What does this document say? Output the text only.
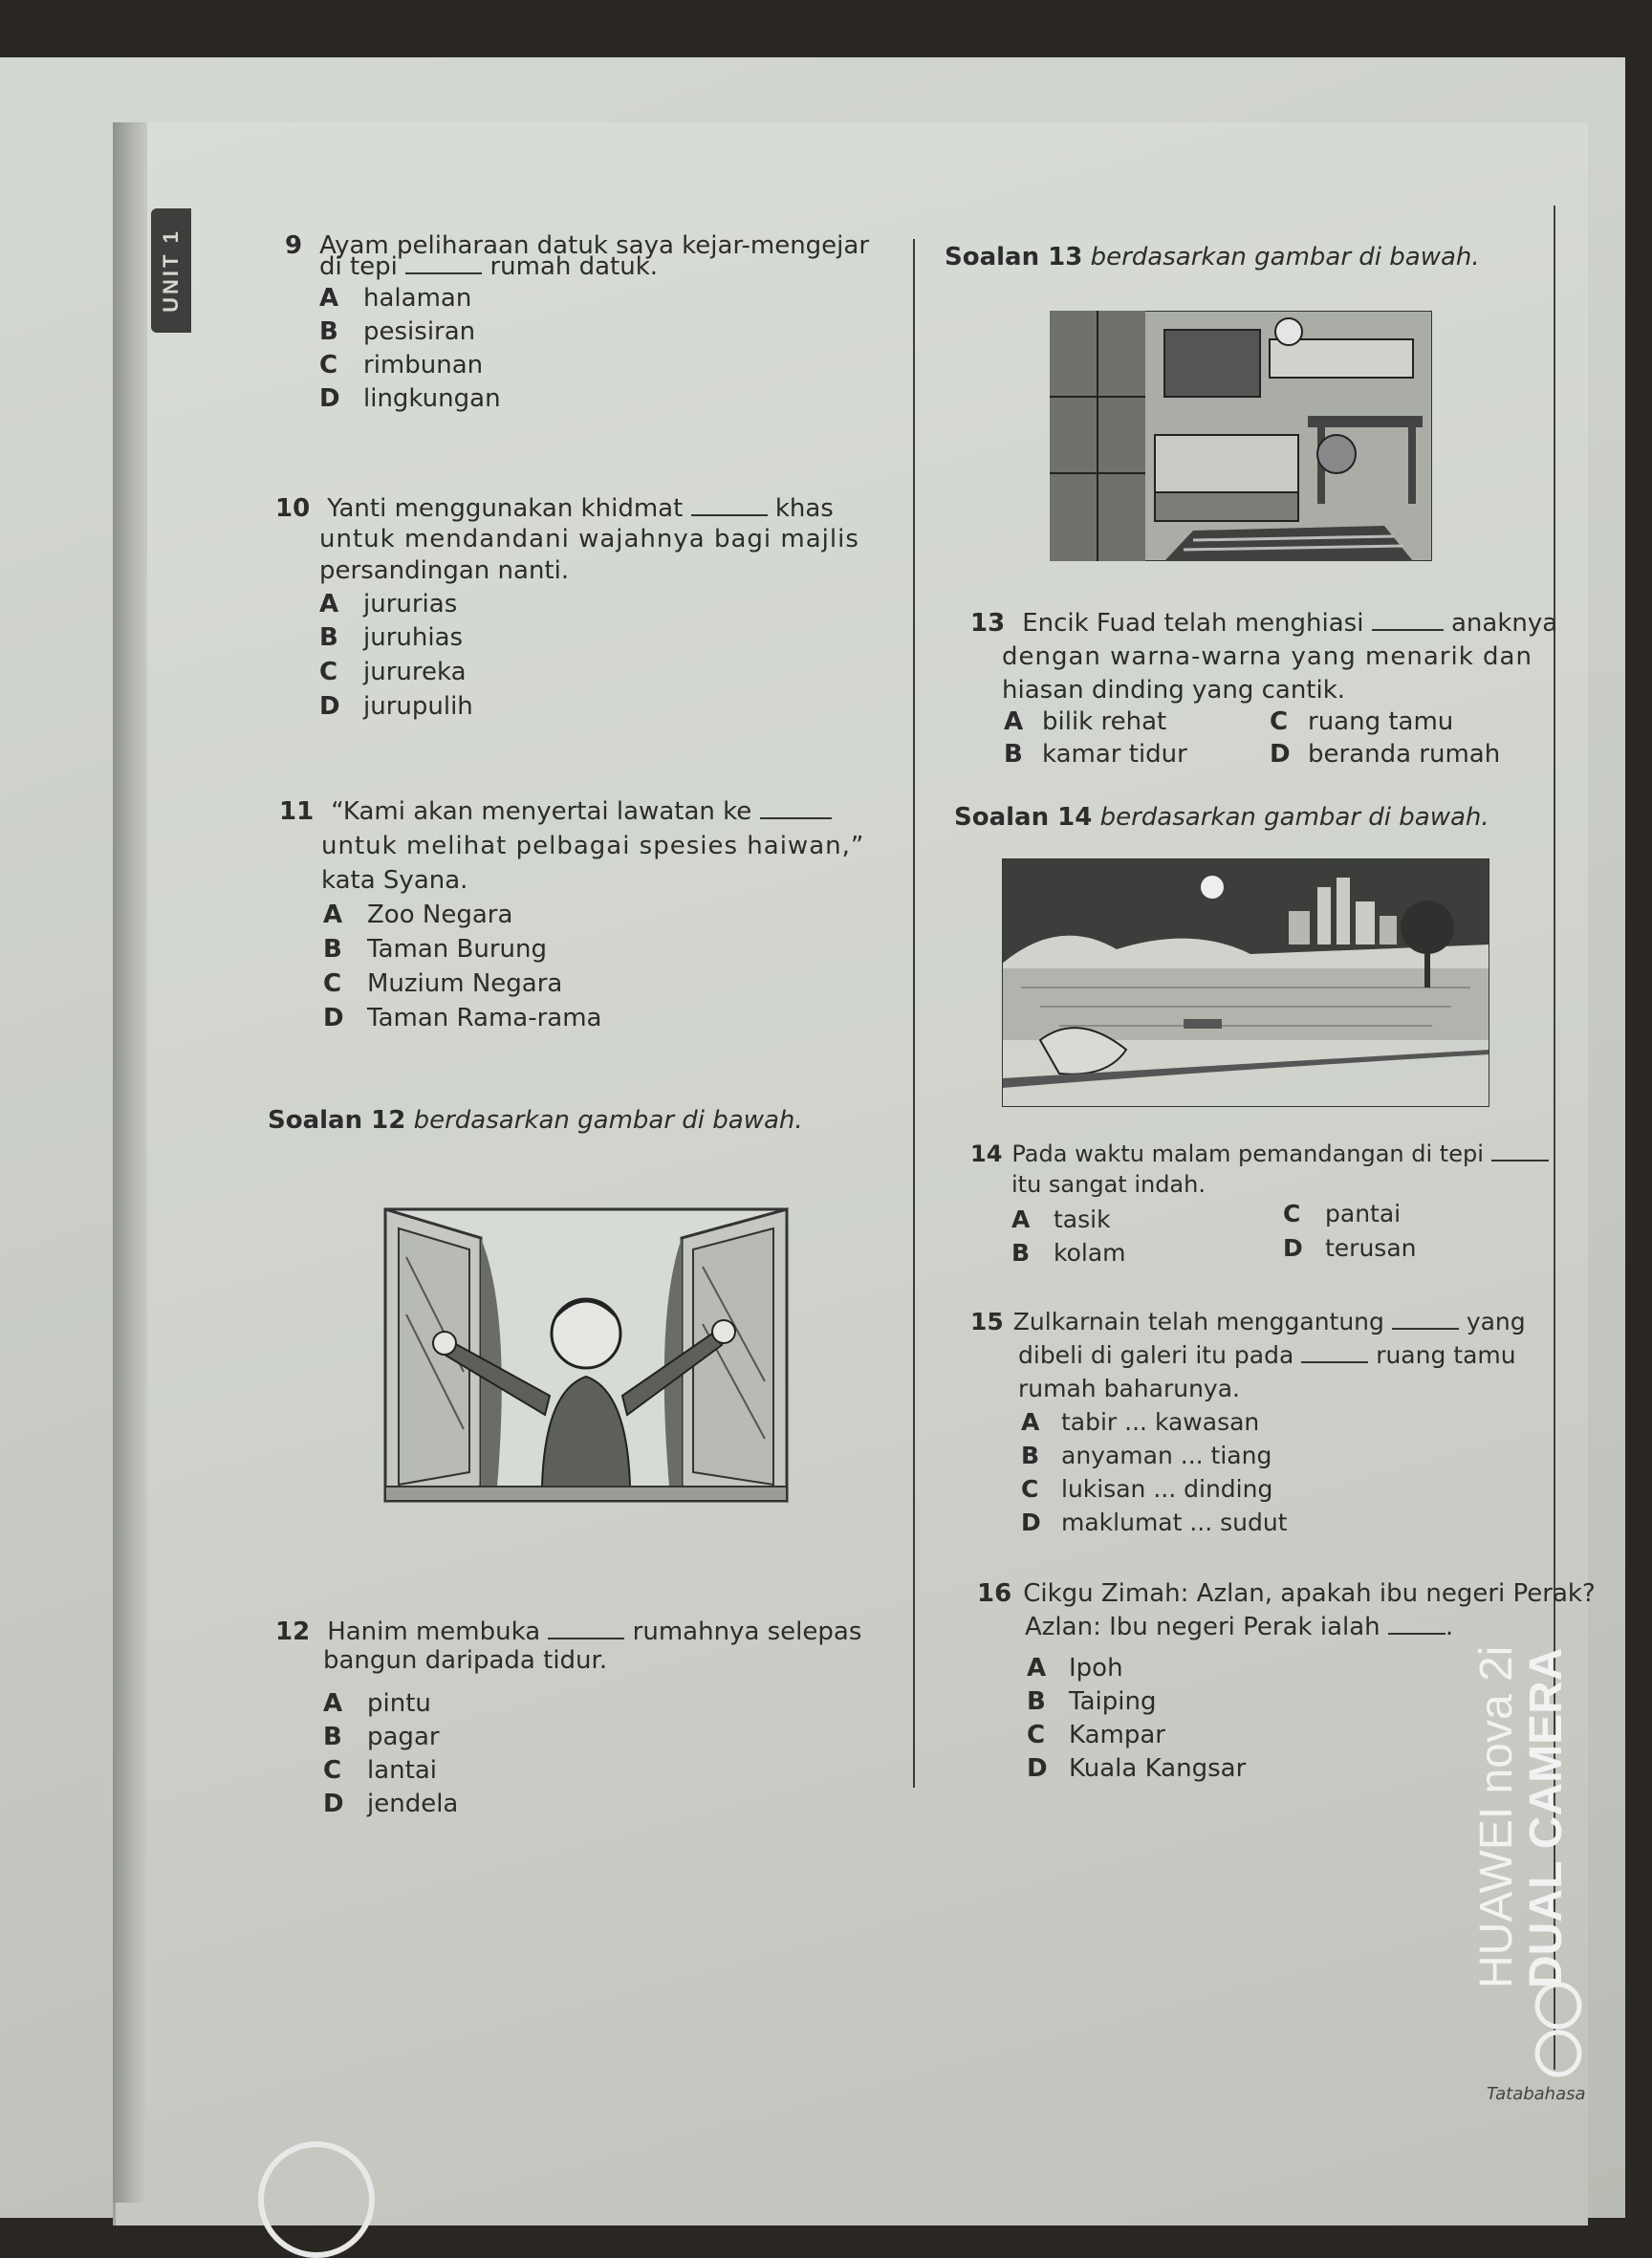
UNIT 1	9 Ayam peliharaan datuk saya kejar-mengejar
di tepi	rumah datuk.
A halaman
B pesisiran
C rimbunan
D lingkungan
10 Yanti menggunakan khidmat	khas
untuk mendandani wajahnya bagi majlis
persandingan nanti.
A jururias
B juruhias
C jurureka
D jurupulih
11 “Kami akan menyertai lawatan ke
untuk melihat pelbagai spesies haiwan,”
kata Syana.
A Zoo Negara
B Taman Burung
C Muzium Negara
D Taman Rama-rama
Soalan 12 berdasarkan gambar di bawah.
12 Hanim membuka	rumahnya selepas
bangun daripada tidur.
A pintu
B pagar
C lantai
D jendela
Soalan 13 berdasarkan gambar di bawah.
13 Encik Fuad telah menghiasi	anaknya
dengan warna-warna yang menarik dan
hiasan dinding yang cantik.
A bilik rehat	C ruang tamu
B kamar tidur	D beranda rumah
Soalan 14 berdasarkan gambar di bawah.
14 Pada waktu malam pemandangan di tepi
itu sangat indah.
A tasik	C pantai
B kolam	D terusan
15 Zulkarnain telah menggantung	yang
dibeli di galeri itu pada	ruang tamu
rumah baharunya.
A tabir ... kawasan
B anyaman ... tiang
C lukisan ... dinding
D maklumat ... sudut
16 Cikgu Zimah: Azlan, apakah ibu negeri Perak?
Azlan: Ibu negeri Perak ialah	.
A Ipoh
B Taiping
C Kampar
D Kuala Kangsar
Tatabahasa
HUAWEI nova 2i DUAL CAMERA
